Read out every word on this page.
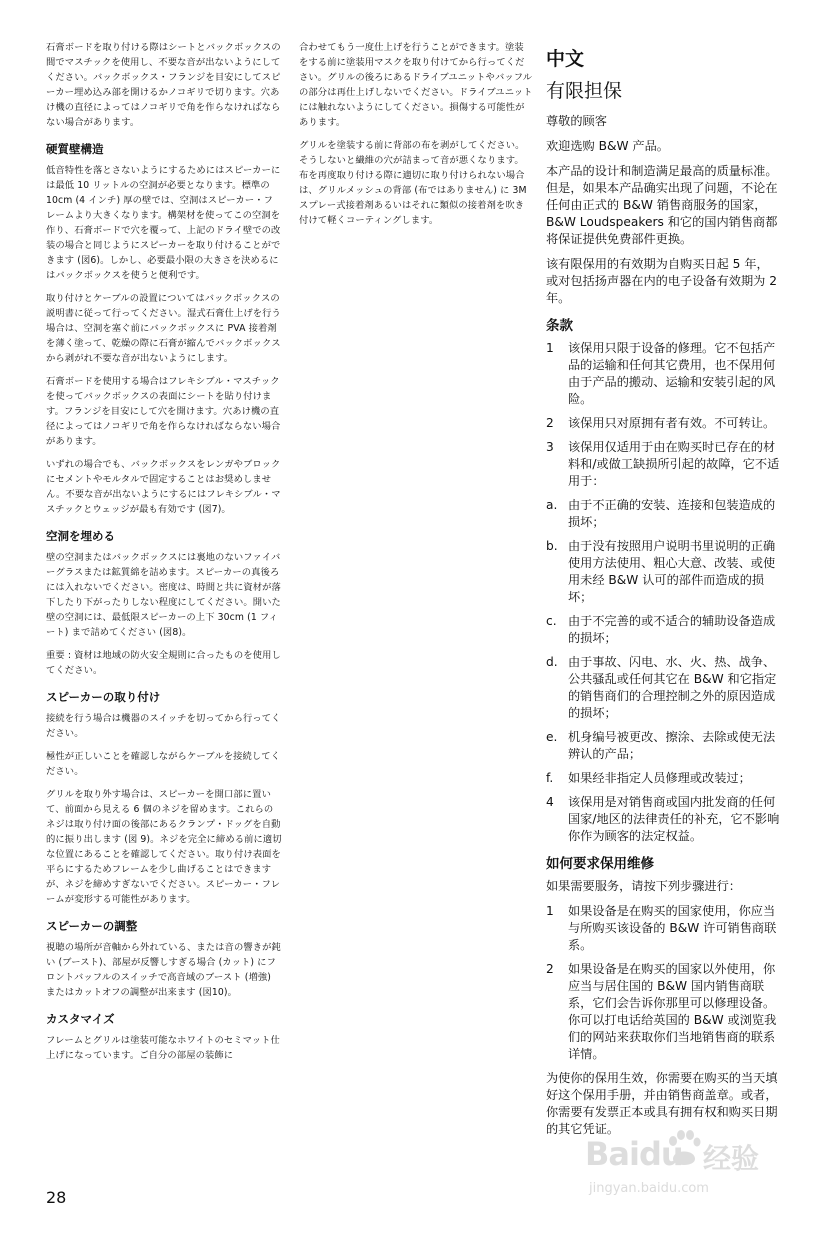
石膏ボードを取り付ける際はシートとバックボックスの間でマスチックを使用し、不要な音が出ないようにしてください。バックボックス・フランジを目安にしてスピーカー埋め込み部を開けるかノコギリで切ります。穴あけ機の直径によってはノコギリで角を作らなければならない場合があります。

硬質壁構造

低音特性を落とさないようにするためにはスピーカーには最低 10 リットルの空洞が必要となります。標準の 10cm (4 インチ) 厚の壁では、空洞はスピーカー・フレームより大きくなります。構架材を使ってこの空洞を作り、石膏ボードで穴を覆って、上記のドライ壁での改装の場合と同じようにスピーカーを取り付けることができます (図6)。しかし、必要最小限の大きさを決めるにはバックボックスを使うと便利です。

取り付けとケーブルの設置についてはバックボックスの説明書に従って行ってください。湿式石膏仕上げを行う場合は、空洞を塞ぐ前にバックボックスに PVA 接着剤を薄く塗って、乾燥の際に石膏が縮んでバックボックスから剥がれ不要な音が出ないようにします。

石膏ボードを使用する場合はフレキシブル・マスチックを使ってバックボックスの表面にシートを貼り付けます。フランジを目安にして穴を開けます。穴あけ機の直径によってはノコギリで角を作らなければならない場合があります。

いずれの場合でも、バックボックスをレンガやブロックにセメントやモルタルで固定することはお奨めしません。不要な音が出ないようにするにはフレキシブル・マスチックとウェッジが最も有効です (図7)。

空洞を埋める

壁の空洞またはバックボックスには裏地のないファイバーグラスまたは鉱質綿を詰めます。スピーカーの真後ろには入れないでください。密度は、時間と共に資材が落下したり下がったりしない程度にしてください。開いた壁の空洞には、最低限スピーカーの上下 30cm (1 フィート) まで詰めてください (図8)。

重要 : 資材は地域の防火安全規則に合ったものを使用してください。

スピーカーの取り付け

接続を行う場合は機器のスイッチを切ってから行ってください。

極性が正しいことを確認しながらケーブルを接続してください。

グリルを取り外す場合は、スピーカーを開口部に置いて、前面から見える 6 個のネジを留めます。これらのネジは取り付け面の後部にあるクランプ・ドッグを自動的に振り出します (図 9)。ネジを完全に締める前に適切な位置にあることを確認してください。取り付け表面を平らにするためフレームを少し曲げることはできますが、ネジを締めすぎないでください。スピーカー・フレームが変形する可能性があります。

スピーカーの調整

視聴の場所が音軸から外れている、または音の響きが鈍い (ブースト)、部屋が反響しすぎる場合 (カット) にフロントバッフルのスイッチで高音域のブースト (増強) またはカットオフの調整が出来ます (図10)。

カスタマイズ

フレームとグリルは塗装可能なホワイトのセミマット仕上げになっています。ご自分の部屋の装飾に

合わせてもう一度仕上げを行うことができます。塗装をする前に塗装用マスクを取り付けてから行ってください。グリルの後ろにあるドライブユニットやバッフルの部分は再仕上げしないでください。ドライブユニットには触れないようにしてください。損傷する可能性があります。

グリルを塗装する前に背部の布を剥がしてください。そうしないと繊維の穴が詰まって音が悪くなります。布を再度取り付ける際に適切に取り付けられない場合は、グリルメッシュの背部 (布ではありません) に 3M スプレー式接着剤あるいはそれに類似の接着剤を吹き付けて軽くコーティングします。

中文
有限担保

尊敬的顾客

欢迎选购 B&W 产品。

本产品的设计和制造满足最高的质量标准。但是，如果本产品确实出现了问题，不论在任何由正式的 B&W 销售商服务的国家，B&W Loudspeakers 和它的国内销售商都将保证提供免费部件更换。

该有限保用的有效期为自购买日起 5 年，或对包括扬声器在内的电子设备有效期为 2 年。

条款
1	该保用只限于设备的修理。它不包括产品的运输和任何其它费用，也不保用何由于产品的搬动、运输和安装引起的风险。
2	该保用只对原拥有者有效。不可转让。
3	该保用仅适用于由在购买时已存在的材料和/或做工缺损所引起的故障，它不适用于：
a. 由于不正确的安装、连接和包装造成的损坏；
b. 由于没有按照用户说明书里说明的正确使用方法使用、粗心大意、改装、或使用未经 B&W 认可的部件而造成的损坏；
c. 由于不完善的或不适合的辅助设备造成的损坏；
d. 由于事故、闪电、水、火、热、战争、公共骚乱或任何其它在 B&W 和它指定的销售商们的合理控制之外的原因造成的损坏；
e. 机身编号被更改、擦涂、去除或使无法辨认的产品；
f.	如果经非指定人员修理或改装过；
4	该保用是对销售商或国内批发商的任何国家/地区的法律责任的补充，它不影响你作为顾客的法定权益。
如何要求保用维修

如果需要服务，请按下列步骤进行：

1	如果设备是在购买的国家使用，你应当与所购买该设备的 B&W 许可销售商联系。
2	如果设备是在购买的国家以外使用，你应当与居住国的 B&W 国内销售商联系，它们会告诉你那里可以修理设备。你可以打电话给英国的 B&W 或浏览我们的网站来获取你们当地销售商的联系详情。

为使你的保用生效，你需要在购买的当天填好这个保用手册，并由销售商盖章。或者，你需要有发票正本或具有拥有权和购买日期的其它凭证。

28
Baidu 经验
jingyan.baidu.com
